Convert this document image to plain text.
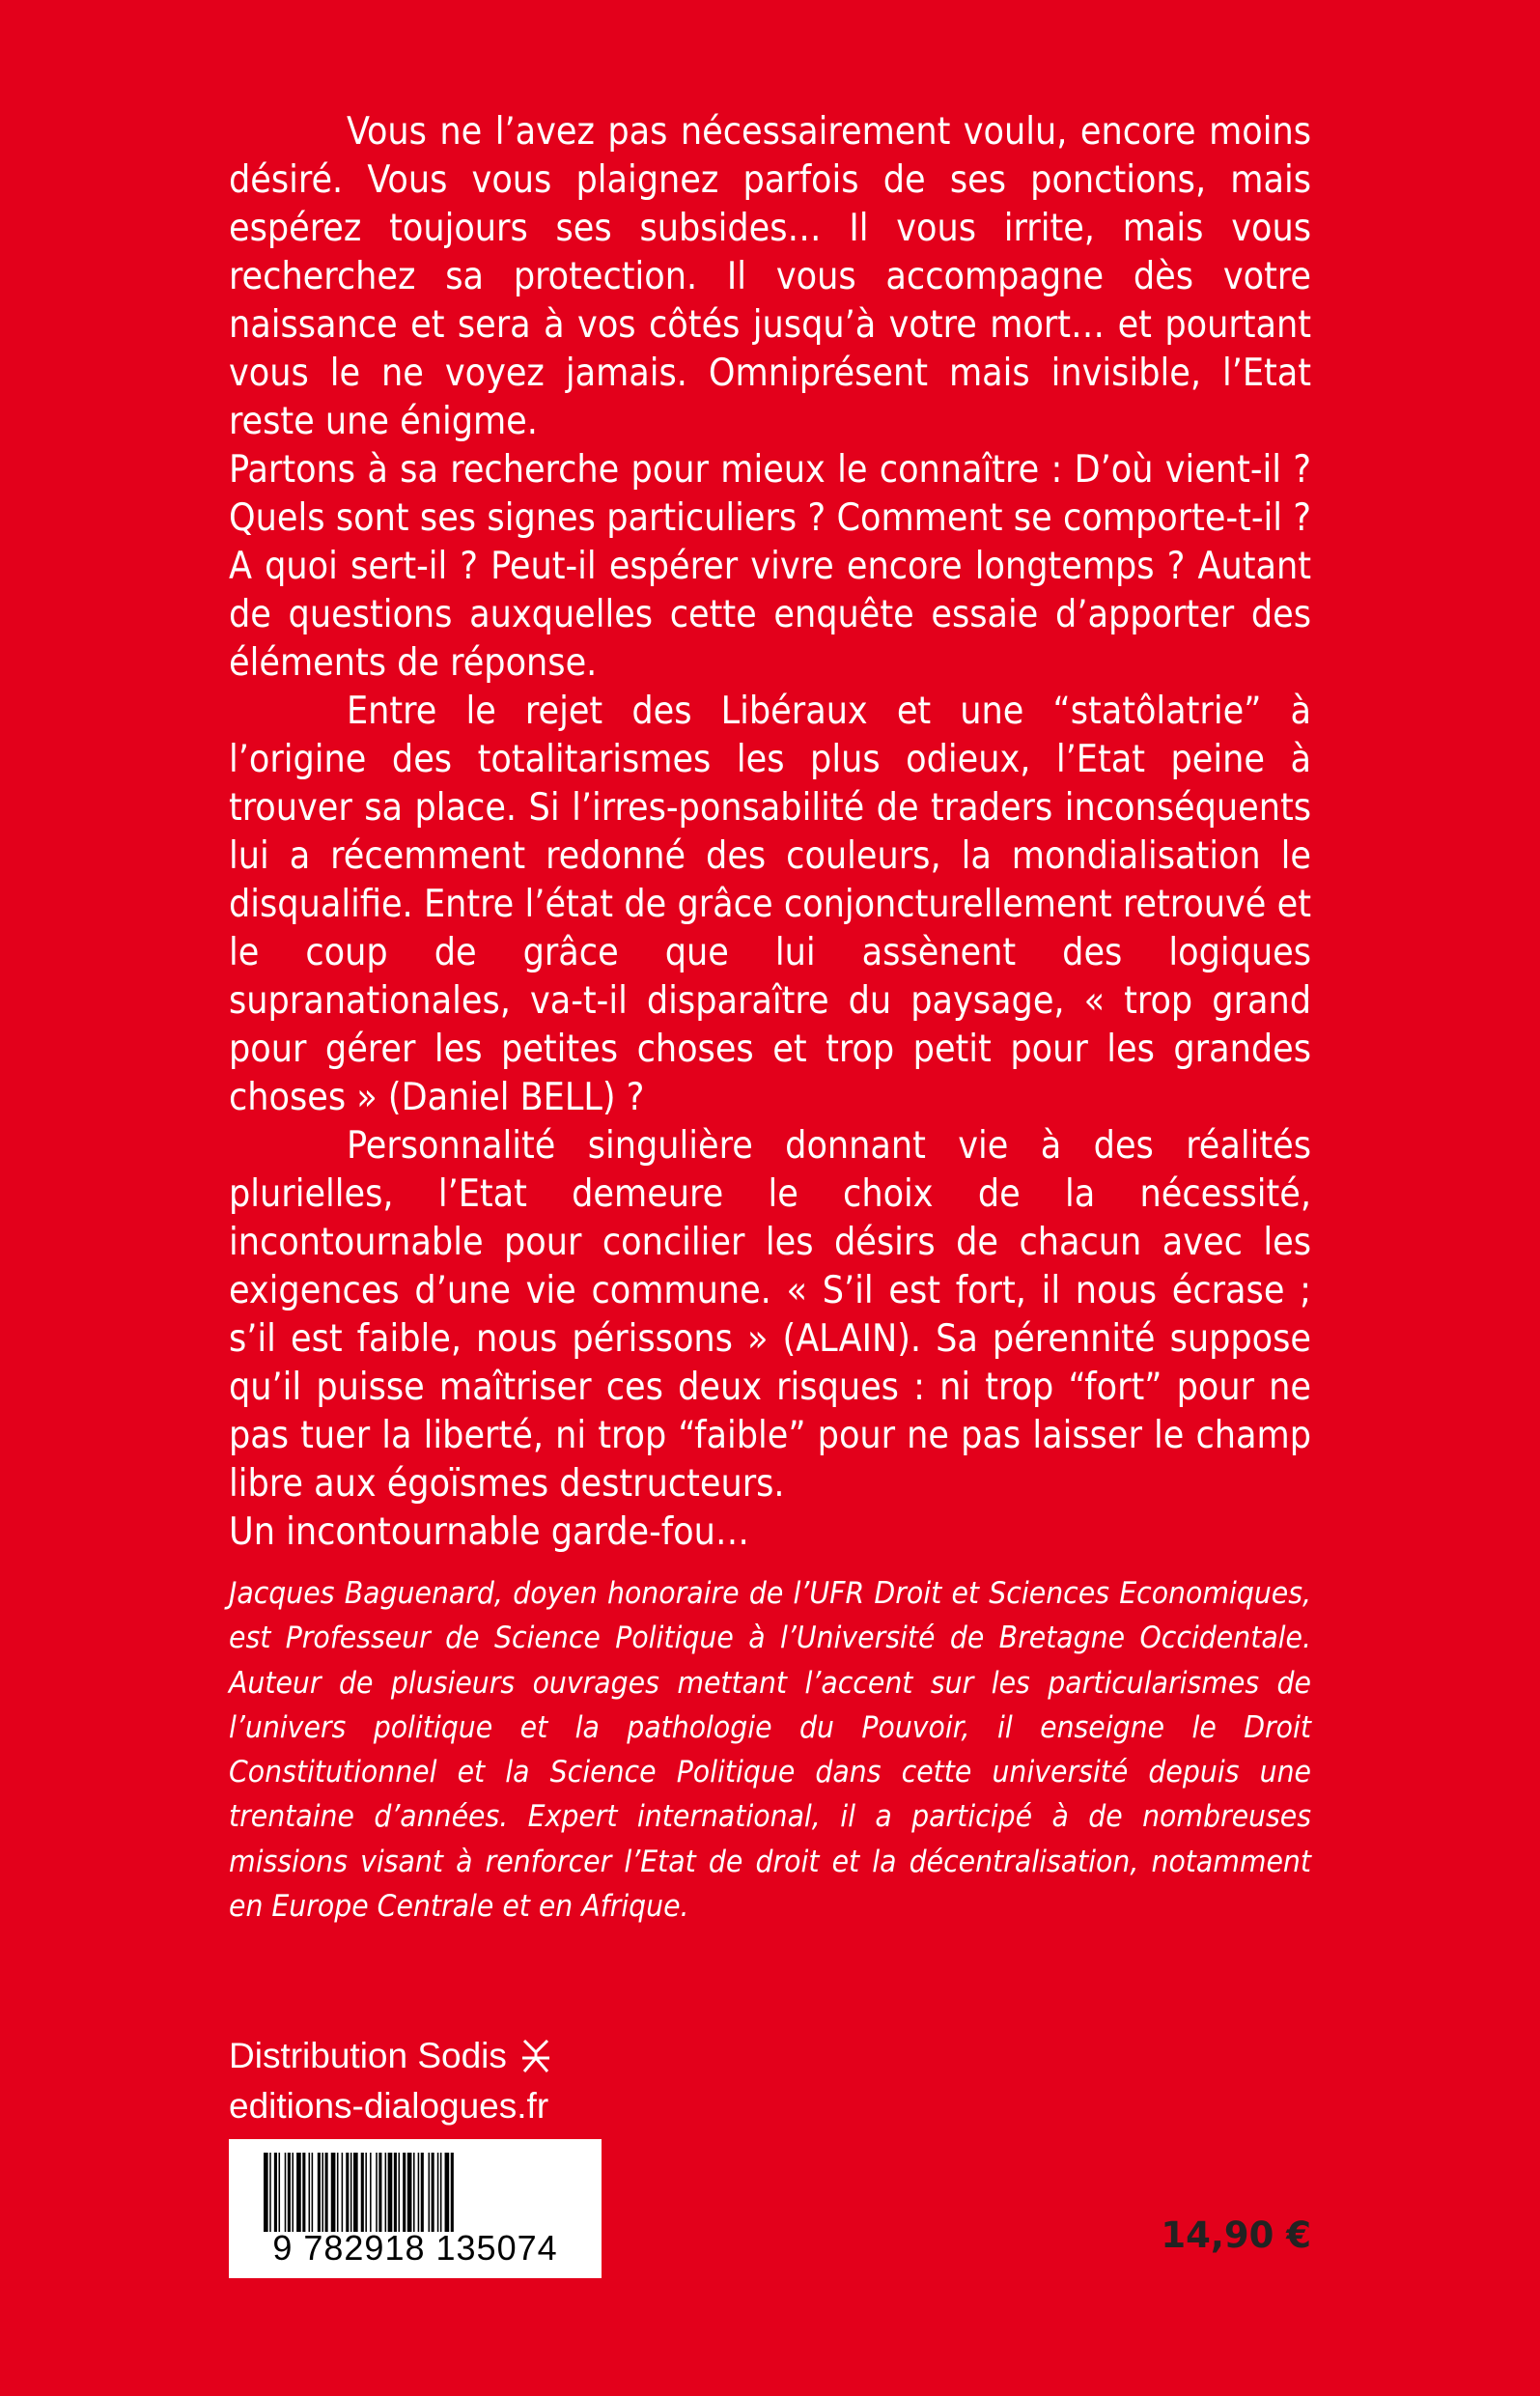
Vous ne l’avez pas nécessairement voulu, encore moins désiré. Vous vous plaignez parfois de ses ponctions, mais espérez toujours ses subsides… Il vous irrite, mais vous recherchez sa protection. Il vous accompagne dès votre naissance et sera à vos côtés jusqu’à votre mort… et pourtant vous le ne voyez jamais. Omniprésent mais invisible, l’Etat reste une énigme.

Partons à sa recherche pour mieux le connaître : D’où vient-il ? Quels sont ses signes particuliers ? Comment se comporte-t-il ? A quoi sert-il ? Peut-il espérer vivre encore longtemps ? Autant de questions auxquelles cette enquête essaie d’apporter des éléments de réponse.

Entre le rejet des Libéraux et une “statôlatrie” à l’origine des totalitarismes les plus odieux, l’Etat peine à trouver sa place. Si l’irres-ponsabilité de traders inconséquents lui a récemment redonné des couleurs, la mondialisation le disqualifie. Entre l’état de grâce conjoncturellement retrouvé et le coup de grâce que lui assènent des logiques supranationales, va-t-il disparaître du paysage, « trop grand pour gérer les petites choses et trop petit pour les grandes choses » (Daniel BELL) ?

Personnalité singulière donnant vie à des réalités plurielles, l’Etat demeure le choix de la nécessité, incontournable pour concilier les désirs de chacun avec les exigences d’une vie commune. « S’il est fort, il nous écrase ; s’il est faible, nous périssons » (ALAIN). Sa pérennité suppose qu’il puisse maîtriser ces deux risques : ni trop “fort” pour ne pas tuer la liberté, ni trop “faible” pour ne pas laisser le champ libre aux égoïsmes destructeurs.

Un incontournable garde-fou…

Jacques Baguenard, doyen honoraire de l’UFR Droit et Sciences Economiques, est Professeur de Science Politique à l’Université de Bretagne Occidentale. Auteur de plusieurs ouvrages mettant l’accent sur les particularismes de l’univers politique et la pathologie du Pouvoir, il enseigne le Droit Constitutionnel et la Science Politique dans cette université depuis une trentaine d’années. Expert international, il a participé à de nombreuses missions visant à renforcer l’Etat de droit et la décentralisation, notamment en Europe Centrale et en Afrique.

Distribution Sodis
editions-dialogues.fr
9 782918 135074	14,90 €
